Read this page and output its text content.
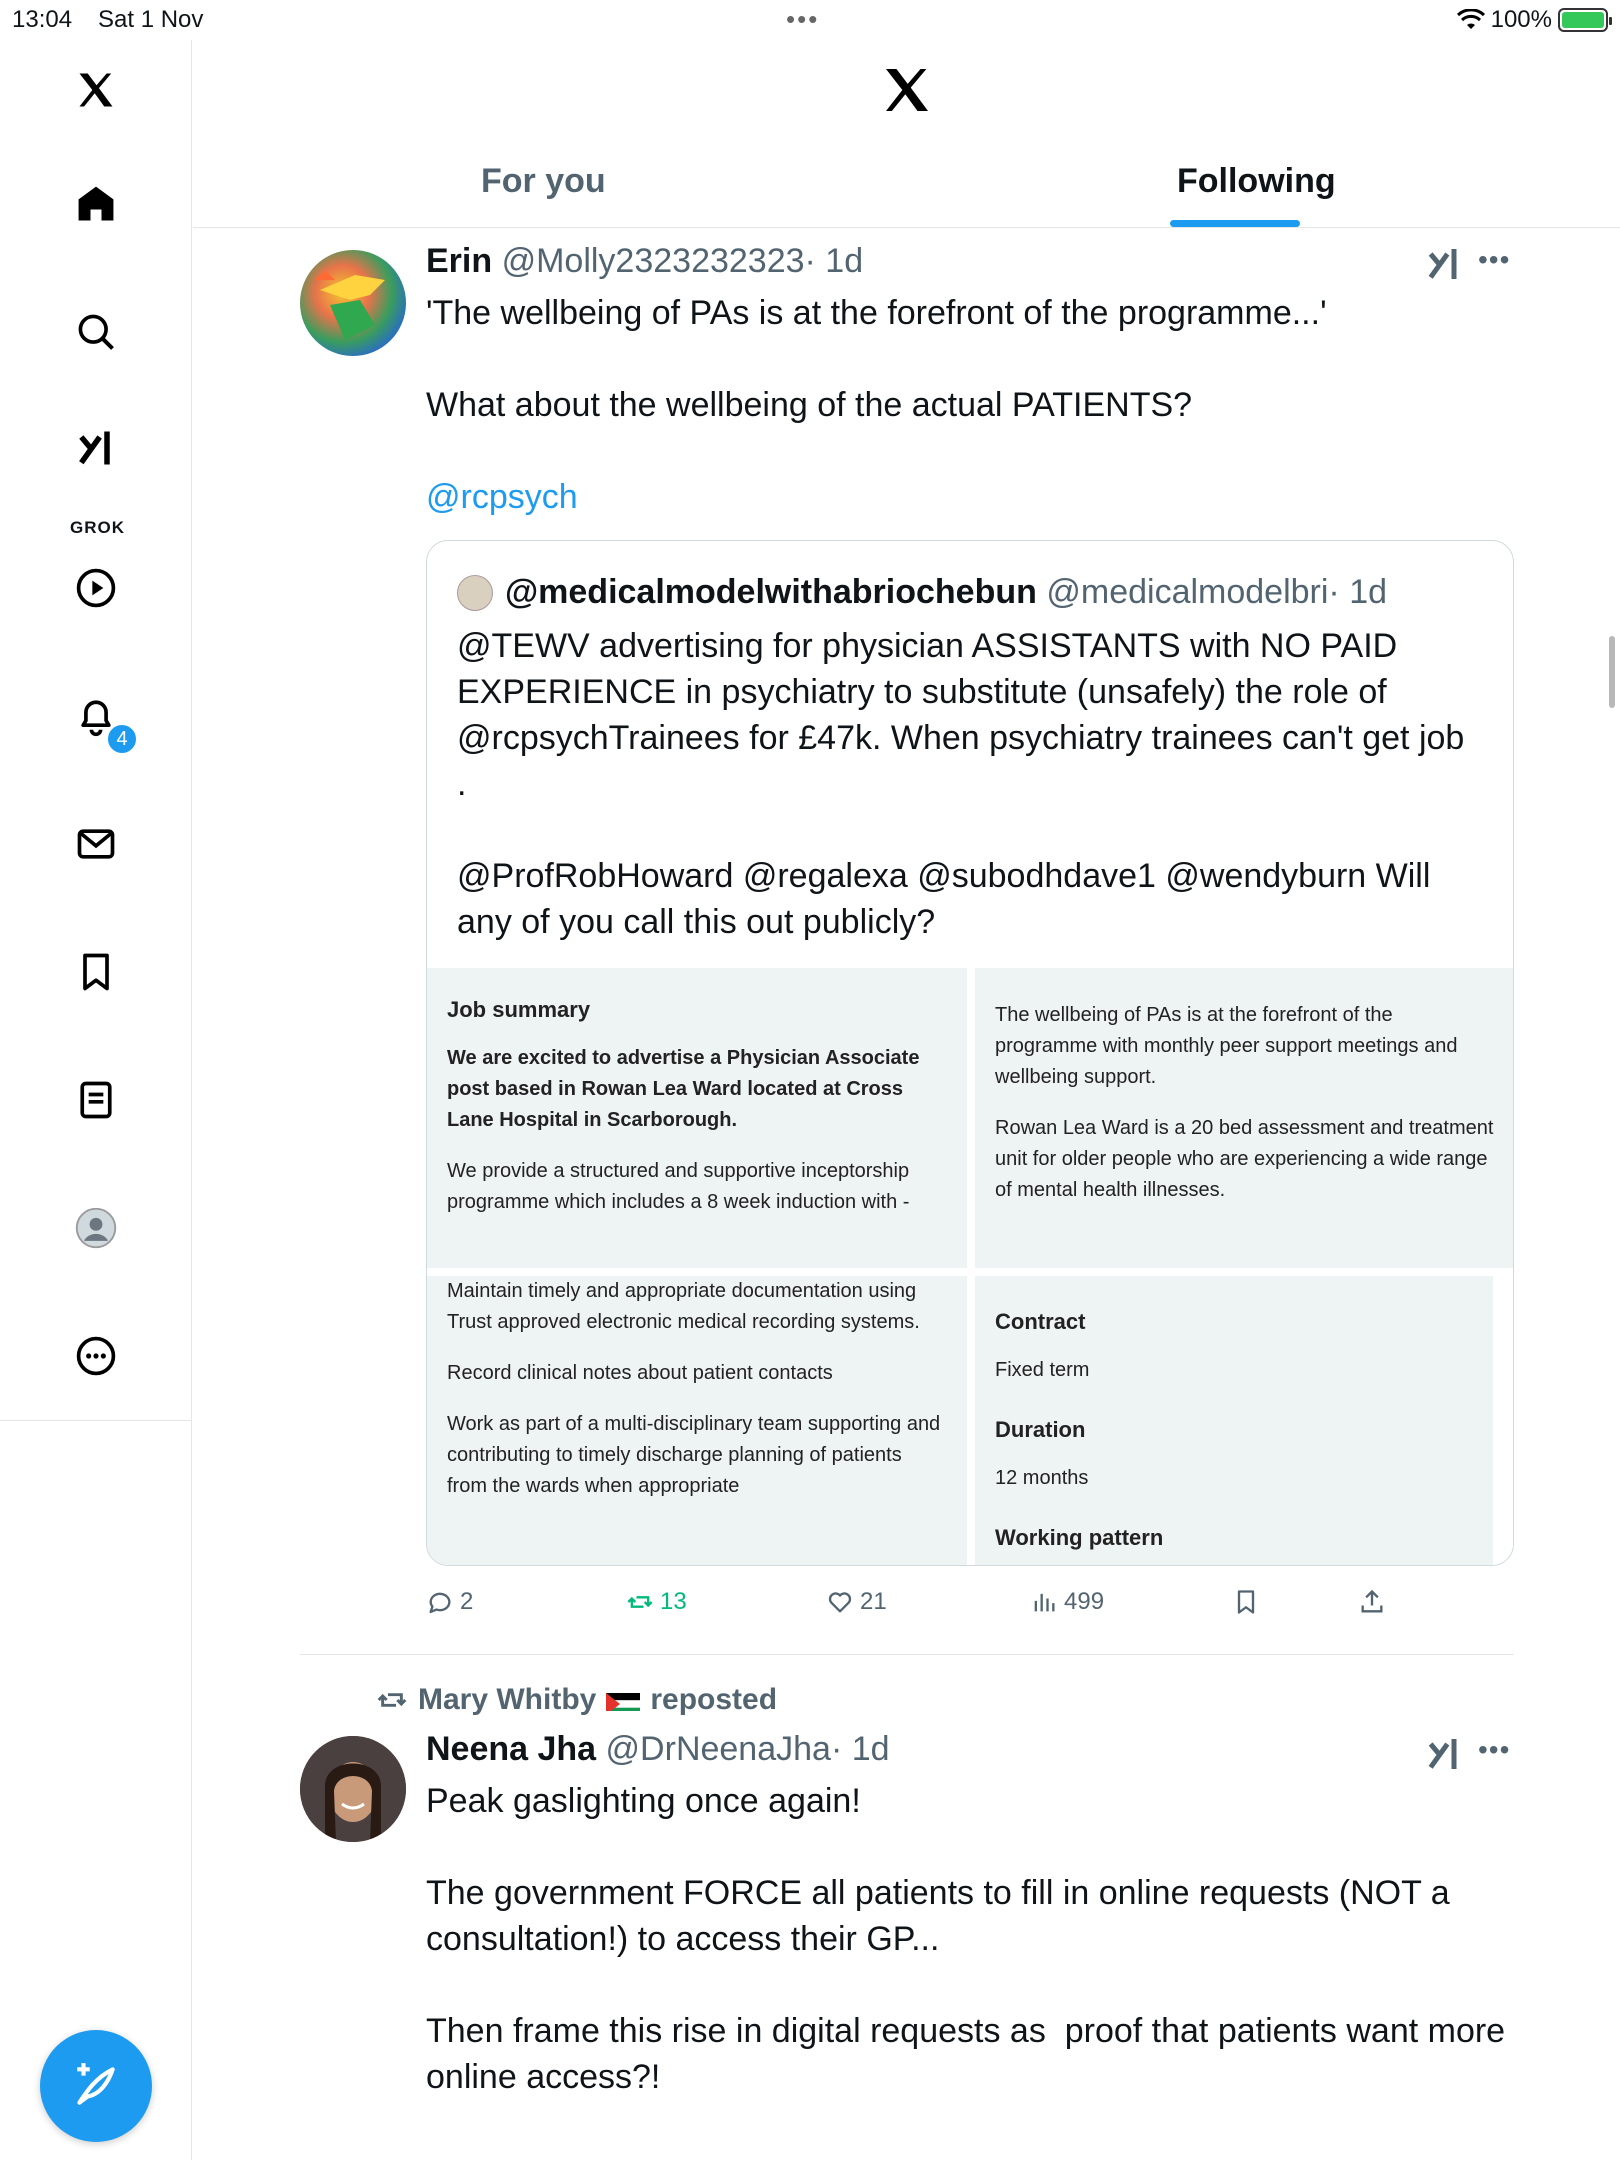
13:04 Sat 1 Nov	•••	100%
GROK
4
For you	Following
Erin @Molly2323232323· 1d	•••
'The wellbeing of PAs is at the forefront of the programme...'
What about the wellbeing of the actual PATIENTS?
@rcpsych
@medicalmodelwithabriochebun @medicalmodelbri· 1d
@TEWV advertising for physician ASSISTANTS with NO PAID EXPERIENCE in psychiatry to substitute (unsafely) the role of @rcpsychTrainees for £47k. When psychiatry trainees can't get job .

@ProfRobHoward @regalexa @subodhdave1 @wendyburn Will any of you call this out publicly?
Job summary

We are excited to advertise a Physician Associate post based in Rowan Lea Ward located at Cross Lane Hospital in Scarborough.

We provide a structured and supportive inceptorship programme which includes a 8 week induction with -

The wellbeing of PAs is at the forefront of the programme with monthly peer support meetings and wellbeing support.

Rowan Lea Ward is a 20 bed assessment and treatment unit for older people who are experiencing a wide range of mental health illnesses.

Maintain timely and appropriate documentation using Trust approved electronic medical recording systems.

Record clinical notes about patient contacts

Work as part of a multi-disciplinary team supporting and contributing to timely discharge planning of patients from the wards when appropriate

Contract
Fixed term
Duration
12 months
Working pattern
2	13	21	499
Mary Whitby reposted
Neena Jha @DrNeenaJha· 1d	•••
Peak gaslighting once again!
The government FORCE all patients to fill in online requests (NOT a consultation!) to access their GP...
Then frame this rise in digital requests as  proof that patients want more online access?!
